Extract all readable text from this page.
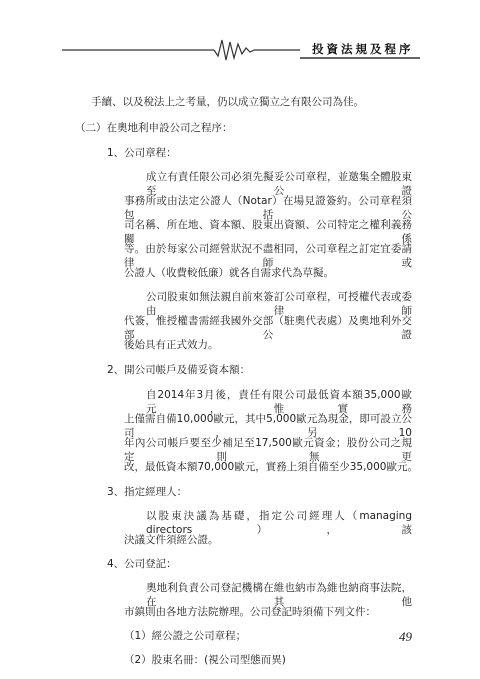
投資法規及程序
手續、以及稅法上之考量，仍以成立獨立之有限公司為佳。
（二）在奧地利申設公司之程序：
1、公司章程：
成立有責任限公司必須先擬妥公司章程，並邀集全體股東至公證
事務所或由法定公證人（Notar）在場見證簽約。公司章程須包括公
司名稱、所在地、資本額、股東出資額、公司特定之權利義務關係
等。由於每家公司經營狀況不盡相同，公司章程之訂定宜委請律師或
公證人（收費較低廉）就各自需求代為草擬。
公司股東如無法親自前來簽訂公司章程，可授權代表或委由律師
代簽，惟授權書需經我國外交部（駐奧代表處）及奧地利外交部公證
後始具有正式效力。
2、開公司帳戶及備妥資本額：
自2014年3月後，責任有限公司最低資本額35,000歐元，惟實務
上僅需自備10,000歐元，其中5,000歐元為現金，即可設立公司，另10
年內公司帳戶要至少補足至17,500歐元資金；股份公司之規定則無更
改，最低資本額70,000歐元，實務上須自備至少35,000歐元。
3、指定經理人：
以股東決議為基礎，指定公司經理人（managing directors），該
決議文件須經公證。
4、公司登記：
奧地利負責公司登記機構在維也納市為維也納商事法院，在其他
市鎮則由各地方法院辦理。公司登記時須備下列文件：
（1）經公證之公司章程；
（2）股東名冊：(視公司型態而異)
49
